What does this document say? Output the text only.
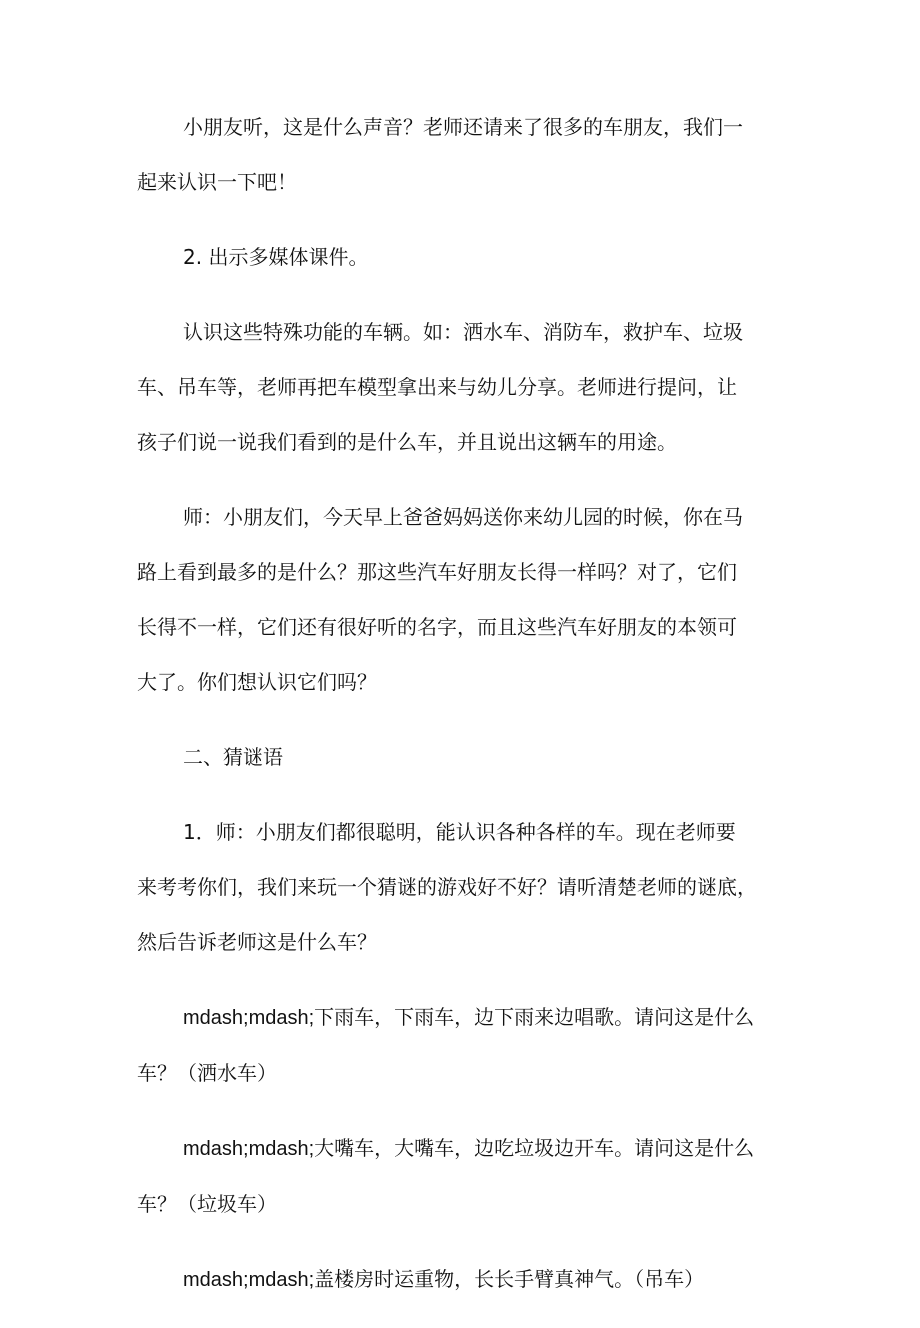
小朋友听，这是什么声音？老师还请来了很多的车朋友，我们一
起来认识一下吧！

2. 出示多媒体课件。

认识这些特殊功能的车辆。如：洒水车、消防车，救护车、垃圾
车、吊车等，老师再把车模型拿出来与幼儿分享。老师进行提问，让
孩子们说一说我们看到的是什么车，并且说出这辆车的用途。

师：小朋友们，今天早上爸爸妈妈送你来幼儿园的时候，你在马
路上看到最多的是什么？那这些汽车好朋友长得一样吗？对了，它们
长得不一样，它们还有很好听的名字，而且这些汽车好朋友的本领可
大了。你们想认识它们吗？

二、猜谜语

1．师：小朋友们都很聪明，能认识各种各样的车。现在老师要
来考考你们，我们来玩一个猜谜的游戏好不好？请听清楚老师的谜底，
然后告诉老师这是什么车？

mdash;mdash;下雨车，下雨车，边下雨来边唱歌。请问这是什么
车？（洒水车）

mdash;mdash;大嘴车，大嘴车，边吃垃圾边开车。请问这是什么
车？（垃圾车）

mdash;mdash;盖楼房时运重物，长长手臂真神气。（吊车）
